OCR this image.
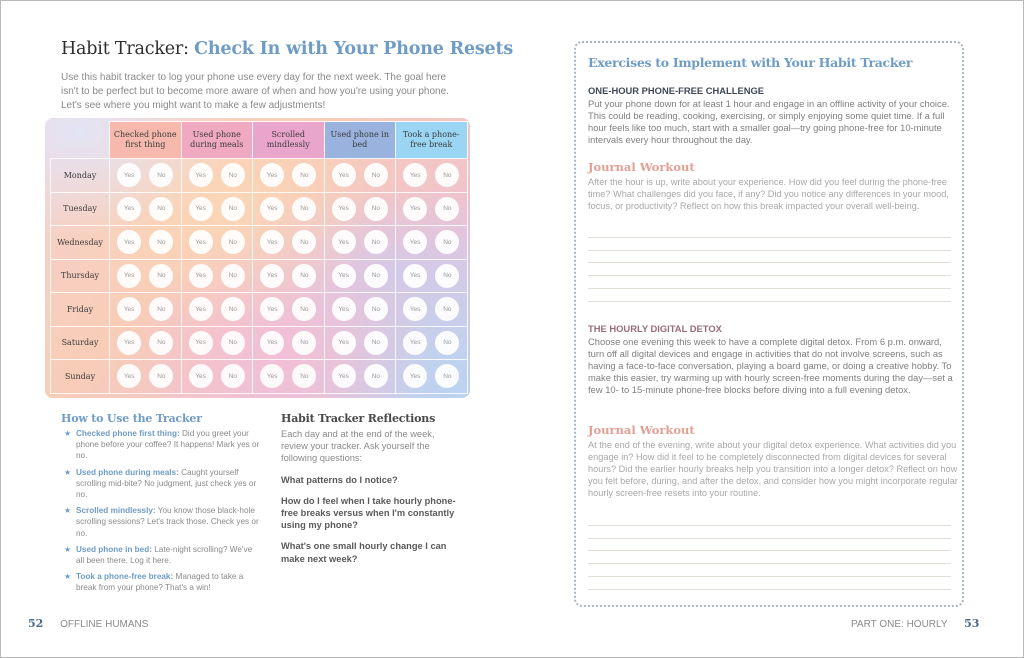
Habit Tracker: Check In with Your Phone Resets
Use this habit tracker to log your phone use every day for the next week. The goal here isn't to be perfect but to become more aware of when and how you're using your phone. Let's see where you might want to make a few adjustments!
	Checked phone first thing	Used phone during meals	Scrolled mindlessly	Used phone in bed	Took a phone-free break
Monday	Yes	No	Yes	No	Yes	No	Yes	No	Yes	No

Tuesday	Yes	No	Yes	No	Yes	No	Yes	No	Yes	No

Wednesday	Yes	No	Yes	No	Yes	No	Yes	No	Yes	No

Thursday	Yes	No	Yes	No	Yes	No	Yes	No	Yes	No

Friday	Yes	No	Yes	No	Yes	No	Yes	No	Yes	No

Saturday	Yes	No	Yes	No	Yes	No	Yes	No	Yes	No

Sunday	Yes	No	Yes	No	Yes	No	Yes	No	Yes	No
How to Use the Tracker
★ Checked phone first thing: Did you greet your phone before your coffee? It happens! Mark yes or no.
★ Used phone during meals: Caught yourself scrolling mid-bite? No judgment, just check yes or no.
★ Scrolled mindlessly: You know those black-hole scrolling sessions? Let's track those. Check yes or no.
★ Used phone in bed: Late-night scrolling? We've all been there. Log it here.
★ Took a phone-free break: Managed to take a break from your phone? That's a win!
Habit Tracker Reflections
Each day and at the end of the week, review your tracker. Ask yourself the following questions:
What patterns do I notice?
How do I feel when I take hourly phone-free breaks versus when I'm constantly using my phone?
What's one small hourly change I can make next week?
52 OFFLINE HUMANS
Exercises to Implement with Your Habit Tracker
ONE-HOUR PHONE-FREE CHALLENGE
Put your phone down for at least 1 hour and engage in an offline activity of your choice. This could be reading, cooking, exercising, or simply enjoying some quiet time. If a full hour feels like too much, start with a smaller goal—try going phone-free for 10-minute intervals every hour throughout the day.
Journal Workout
After the hour is up, write about your experience. How did you feel during the phone-free time? What challenges did you face, if any? Did you notice any differences in your mood, focus, or productivity? Reflect on how this break impacted your overall well-being.
THE HOURLY DIGITAL DETOX
Choose one evening this week to have a complete digital detox. From 6 p.m. onward, turn off all digital devices and engage in activities that do not involve screens, such as having a face-to-face conversation, playing a board game, or doing a creative hobby. To make this easier, try warming up with hourly screen-free moments during the day—set a few 10- to 15-minute phone-free blocks before diving into a full evening detox.
Journal Workout
At the end of the evening, write about your digital detox experience. What activities did you engage in? How did it feel to be completely disconnected from digital devices for several hours? Did the earlier hourly breaks help you transition into a longer detox? Reflect on how you felt before, during, and after the detox, and consider how you might incorporate regular hourly screen-free resets into your routine.
PART ONE: HOURLY 53
